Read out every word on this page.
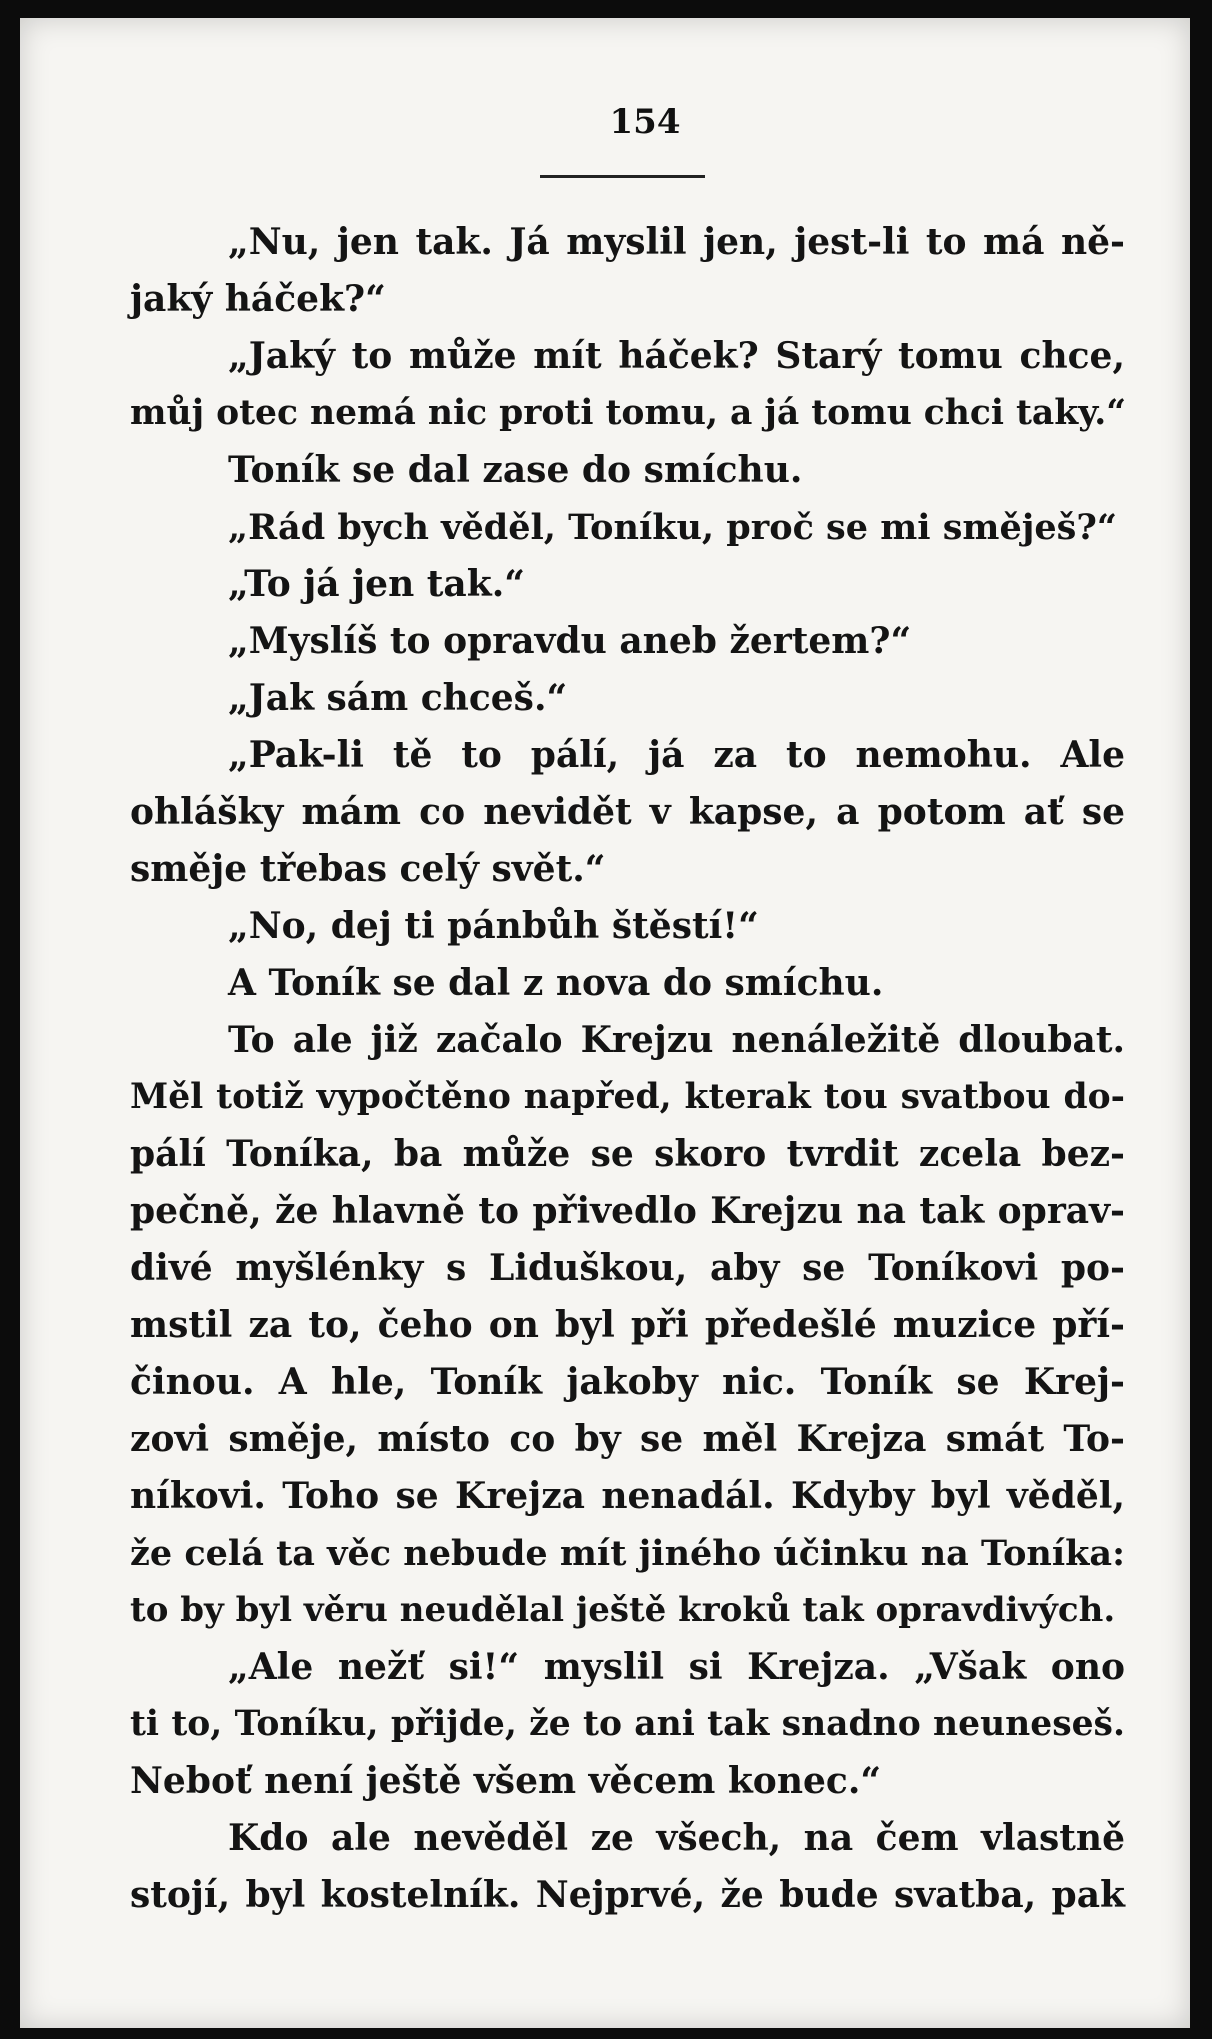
154
„Nu, jen tak. Já myslil jen, jest-li to má ně-
jaký háček?“
„Jaký to může mít háček? Starý tomu chce,
můj otec nemá nic proti tomu, a já tomu chci taky.“
Toník se dal zase do smíchu.
„Rád bych věděl, Toníku, proč se mi směješ?“
„To já jen tak.“
„Myslíš to opravdu aneb žertem?“
„Jak sám chceš.“
„Pak-li tě to pálí, já za to nemohu. Ale
ohlášky mám co nevidět v kapse, a potom ať se
směje třebas celý svět.“
„No, dej ti pánbůh štěstí!“
A Toník se dal z nova do smíchu.
To ale již začalo Krejzu nenáležitě dloubat.
Měl totiž vypočtěno napřed, kterak tou svatbou do-
pálí Toníka, ba může se skoro tvrdit zcela bez-
pečně, že hlavně to přivedlo Krejzu na tak oprav-
divé myšlénky s Liduškou, aby se Toníkovi po-
mstil za to, čeho on byl při předešlé muzice pří-
činou. A hle, Toník jakoby nic. Toník se Krej-
zovi směje, místo co by se měl Krejza smát To-
níkovi. Toho se Krejza nenadál. Kdyby byl věděl,
že celá ta věc nebude mít jiného účinku na Toníka:
to by byl věru neudělal ještě kroků tak opravdivých.
„Ale nežť si!“ myslil si Krejza. „Však ono
ti to, Toníku, přijde, že to ani tak snadno neuneseš.
Neboť není ještě všem věcem konec.“
Kdo ale nevěděl ze všech, na čem vlastně
stojí, byl kostelník. Nejprvé, že bude svatba, pak
